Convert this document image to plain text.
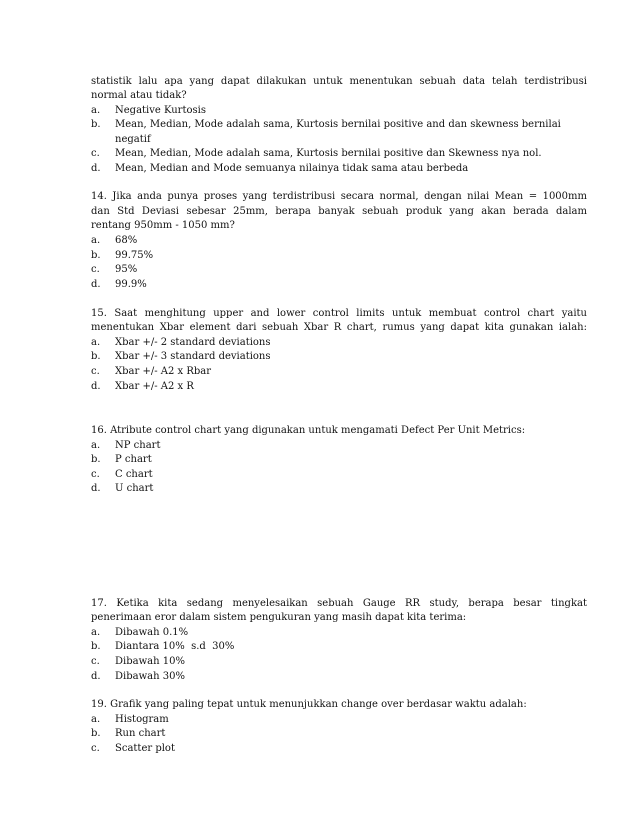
statistik lalu apa yang dapat dilakukan untuk menentukan sebuah data telah terdistribusi
normal atau tidak?
a. Negative Kurtosis
b. Mean, Median, Mode adalah sama, Kurtosis bernilai positive and dan skewness bernilai
negatif
c. Mean, Median, Mode adalah sama, Kurtosis bernilai positive dan Skewness nya nol.
d. Mean, Median and Mode semuanya nilainya tidak sama atau berbeda
14. Jika anda punya proses yang terdistribusi secara normal, dengan nilai Mean = 1000mm
dan Std Deviasi sebesar 25mm, berapa banyak sebuah produk yang akan berada dalam
rentang 950mm - 1050 mm?
a. 68%
b. 99.75%
c. 95%
d. 99.9%
15. Saat menghitung upper and lower control limits untuk membuat control chart yaitu
menentukan Xbar element dari sebuah Xbar R chart, rumus yang dapat kita gunakan ialah:
a. Xbar +/- 2 standard deviations
b. Xbar +/- 3 standard deviations
c. Xbar +/- A2 x Rbar
d. Xbar +/- A2 x R
16. Atribute control chart yang digunakan untuk mengamati Defect Per Unit Metrics:
a. NP chart
b. P chart
c. C chart
d. U chart
17. Ketika kita sedang menyelesaikan sebuah Gauge RR study, berapa besar tingkat
penerimaan eror dalam sistem pengukuran yang masih dapat kita terima:
a. Dibawah 0.1%
b. Diantara 10%  s.d  30%
c. Dibawah 10%
d. Dibawah 30%
19. Grafik yang paling tepat untuk menunjukkan change over berdasar waktu adalah:
a. Histogram
b. Run chart
c. Scatter plot
